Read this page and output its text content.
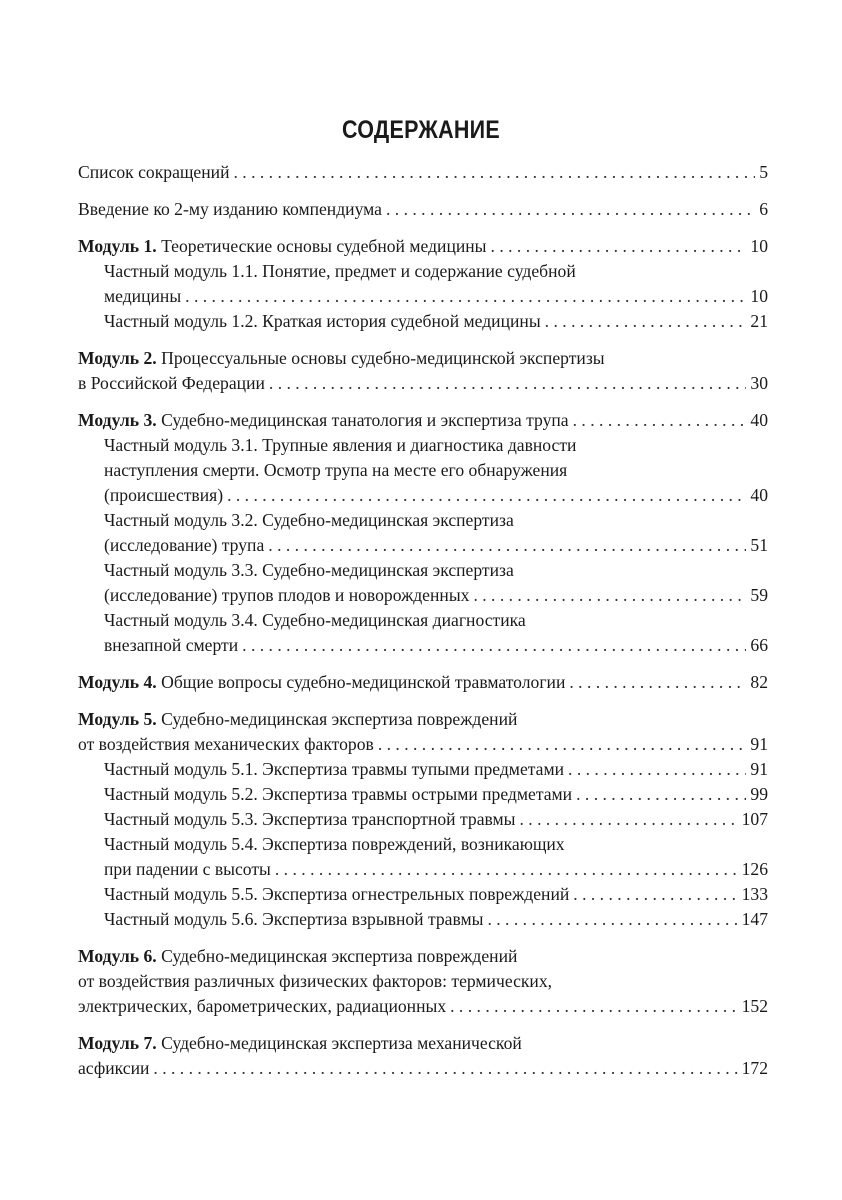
СОДЕРЖАНИЕ
Список сокращений . . .	5
Введение ко 2-му изданию компендиума . . .	6
Модуль 1. Теоретические основы судебной медицины . . .	10
Частный модуль 1.1. Понятие, предмет и содержание судебной
медицины . . .	10
Частный модуль 1.2. Краткая история судебной медицины . . .	21
Модуль 2. Процессуальные основы судебно-медицинской экспертизы
в Российской Федерации . . .	30
Модуль 3. Судебно-медицинская танатология и экспертиза трупа . . .	40
Частный модуль 3.1. Трупные явления и диагностика давности
наступления смерти. Осмотр трупа на месте его обнаружения
(происшествия) . . .	40
Частный модуль 3.2. Судебно-медицинская экспертиза
(исследование) трупа . . .	51
Частный модуль 3.3. Судебно-медицинская экспертиза
(исследование) трупов плодов и новорожденных . . .	59
Частный модуль 3.4. Судебно-медицинская диагностика
внезапной смерти . . .	66
Модуль 4. Общие вопросы судебно-медицинской травматологии . . .	82
Модуль 5. Судебно-медицинская экспертиза повреждений
от воздействия механических факторов . . .	91
Частный модуль 5.1. Экспертиза травмы тупыми предметами . . .	91
Частный модуль 5.2. Экспертиза травмы острыми предметами . . .	99
Частный модуль 5.3. Экспертиза транспортной травмы . . .	107
Частный модуль 5.4. Экспертиза повреждений, возникающих
при падении с высоты . . .	126
Частный модуль 5.5. Экспертиза огнестрельных повреждений . . .	133
Частный модуль 5.6. Экспертиза взрывной травмы . . .	147
Модуль 6. Судебно-медицинская экспертиза повреждений
от воздействия различных физических факторов: термических,
электрических, барометрических, радиационных . . .	152
Модуль 7. Судебно-медицинская экспертиза механической
асфиксии . . .	172
